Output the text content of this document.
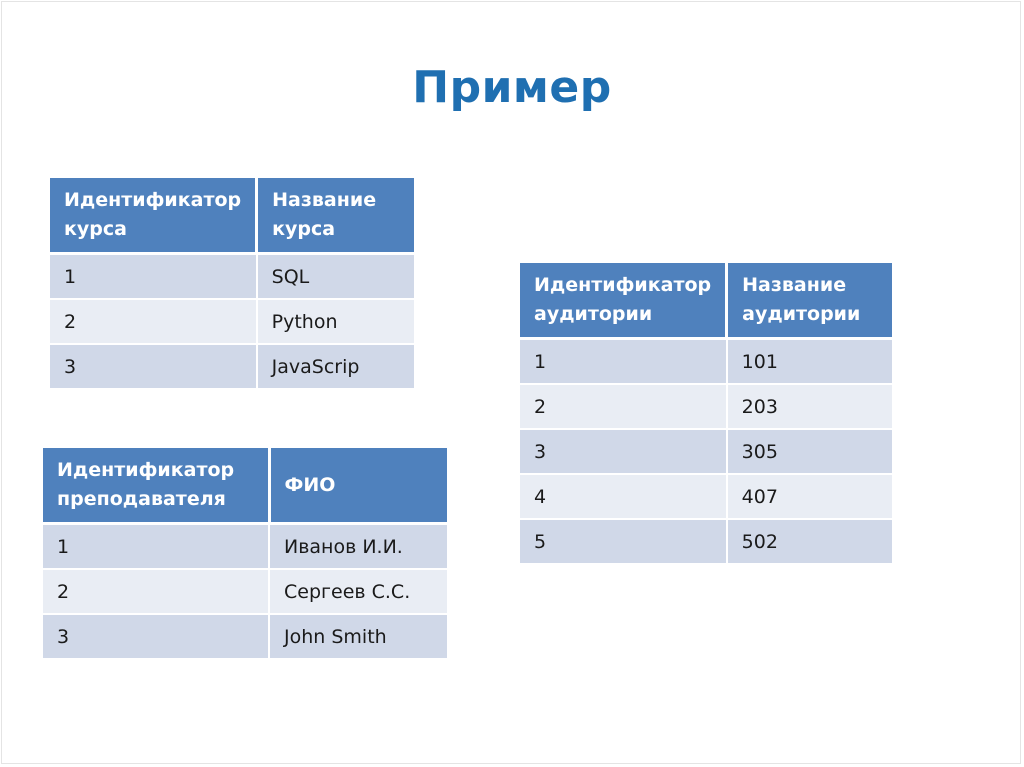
Пример
Идентификатор курса	Название курса
1	SQL
2	Python
3	JavaScrip
Идентификатор преподавателя	ФИО
1	Иванов И.И.
2	Сергеев С.С.
3	John Smith
Идентификатор аудитории	Название аудитории
1	101
2	203
3	305
4	407
5	502
